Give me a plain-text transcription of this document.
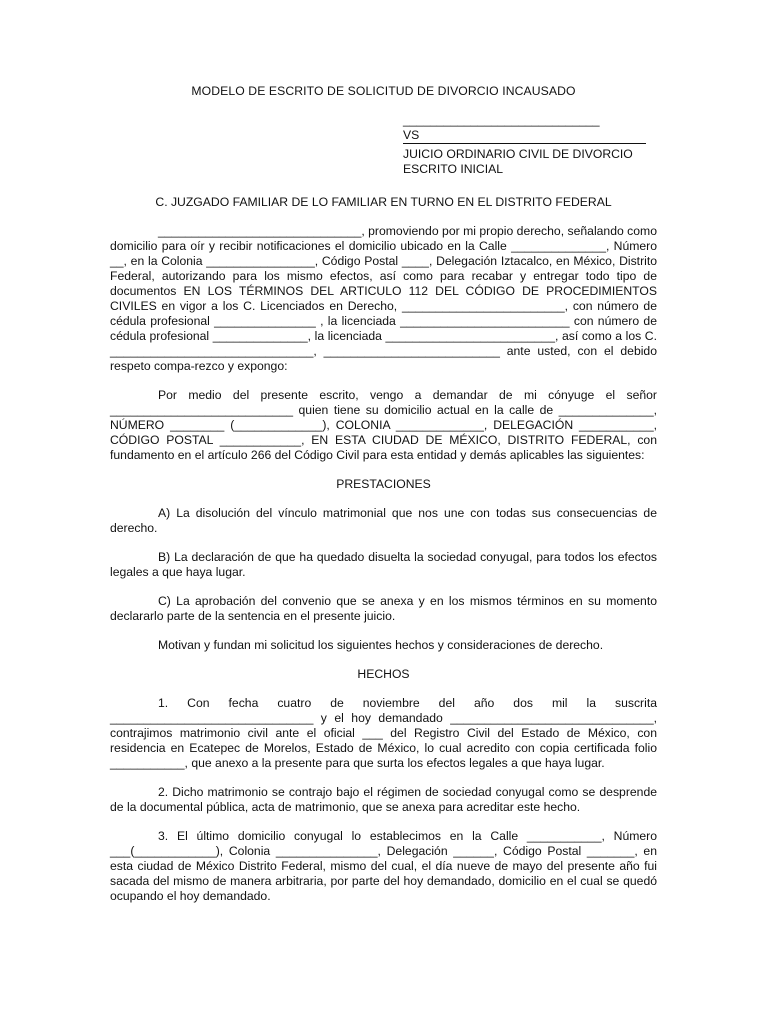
MODELO DE ESCRITO DE SOLICITUD DE DIVORCIO INCAUSADO
_____________________________
VS
JUICIO ORDINARIO CIVIL DE DIVORCIO
ESCRITO INICIAL
C. JUZGADO FAMILIAR DE LO FAMILIAR EN TURNO EN EL DISTRITO FEDERAL

______________________________, promoviendo por mi propio derecho, señalando como domicilio para oír y recibir notificaciones el domicilio ubicado en la Calle ______________, Número __, en la Colonia ________________, Código Postal ____, Delegación Iztacalco, en México, Distrito Federal, autorizando para los mismo efectos, así como para recabar y entregar todo tipo de documentos EN LOS TÉRMINOS DEL ARTICULO 112 DEL CÓDIGO DE PROCEDIMIENTOS CIVILES en vigor a los C. Licenciados en Derecho, ________________________, con número de cédula profesional _______________ , la licenciada _________________________ con número de cédula profesional ______________, la licenciada _________________________, así como a los C. ______________________________, __________________________ ante usted, con el debido respeto compa-rezco y expongo:

Por medio del presente escrito, vengo a demandar de mi cónyuge el señor ___________________________ quien tiene su domicilio actual en la calle de ______________, NÚMERO ________ (_____________), COLONIA _____________, DELEGACIÓN ___________, CÓDIGO POSTAL ____________, EN ESTA CIUDAD DE MÉXICO, DISTRITO FEDERAL, con fundamento en el artículo 266 del Código Civil para esta entidad y demás aplicables las siguientes:

PRESTACIONES
A) La disolución del vínculo matrimonial que nos une con todas sus consecuencias de derecho.
B) La declaración de que ha quedado disuelta la sociedad conyugal, para todos los efectos legales a que haya lugar.
C) La aprobación del convenio que se anexa y en los mismos términos en su momento declararlo parte de la sentencia en el presente juicio.
Motivan y fundan mi solicitud los siguientes hechos y consideraciones de derecho.
HECHOS
1. Con fecha cuatro de noviembre del año dos mil la suscrita ______________________________ y el hoy demandado ______________________________, contrajimos matrimonio civil ante el oficial ___ del Registro Civil del Estado de México, con residencia en Ecatepec de Morelos, Estado de México, lo cual acredito con copia certificada folio ___________, que anexo a la presente para que surta los efectos legales a que haya lugar.
2. Dicho matrimonio se contrajo bajo el régimen de sociedad conyugal como se desprende de la documental pública, acta de matrimonio, que se anexa para acreditar este hecho.
3. El último domicilio conyugal lo establecimos en la Calle ___________, Número ___(____________), Colonia _______________, Delegación ______, Código Postal _______, en esta ciudad de México Distrito Federal, mismo del cual, el día nueve de mayo del presente año fui sacada del mismo de manera arbitraria, por parte del hoy demandado, domicilio en el cual se quedó ocupando el hoy demandado.
